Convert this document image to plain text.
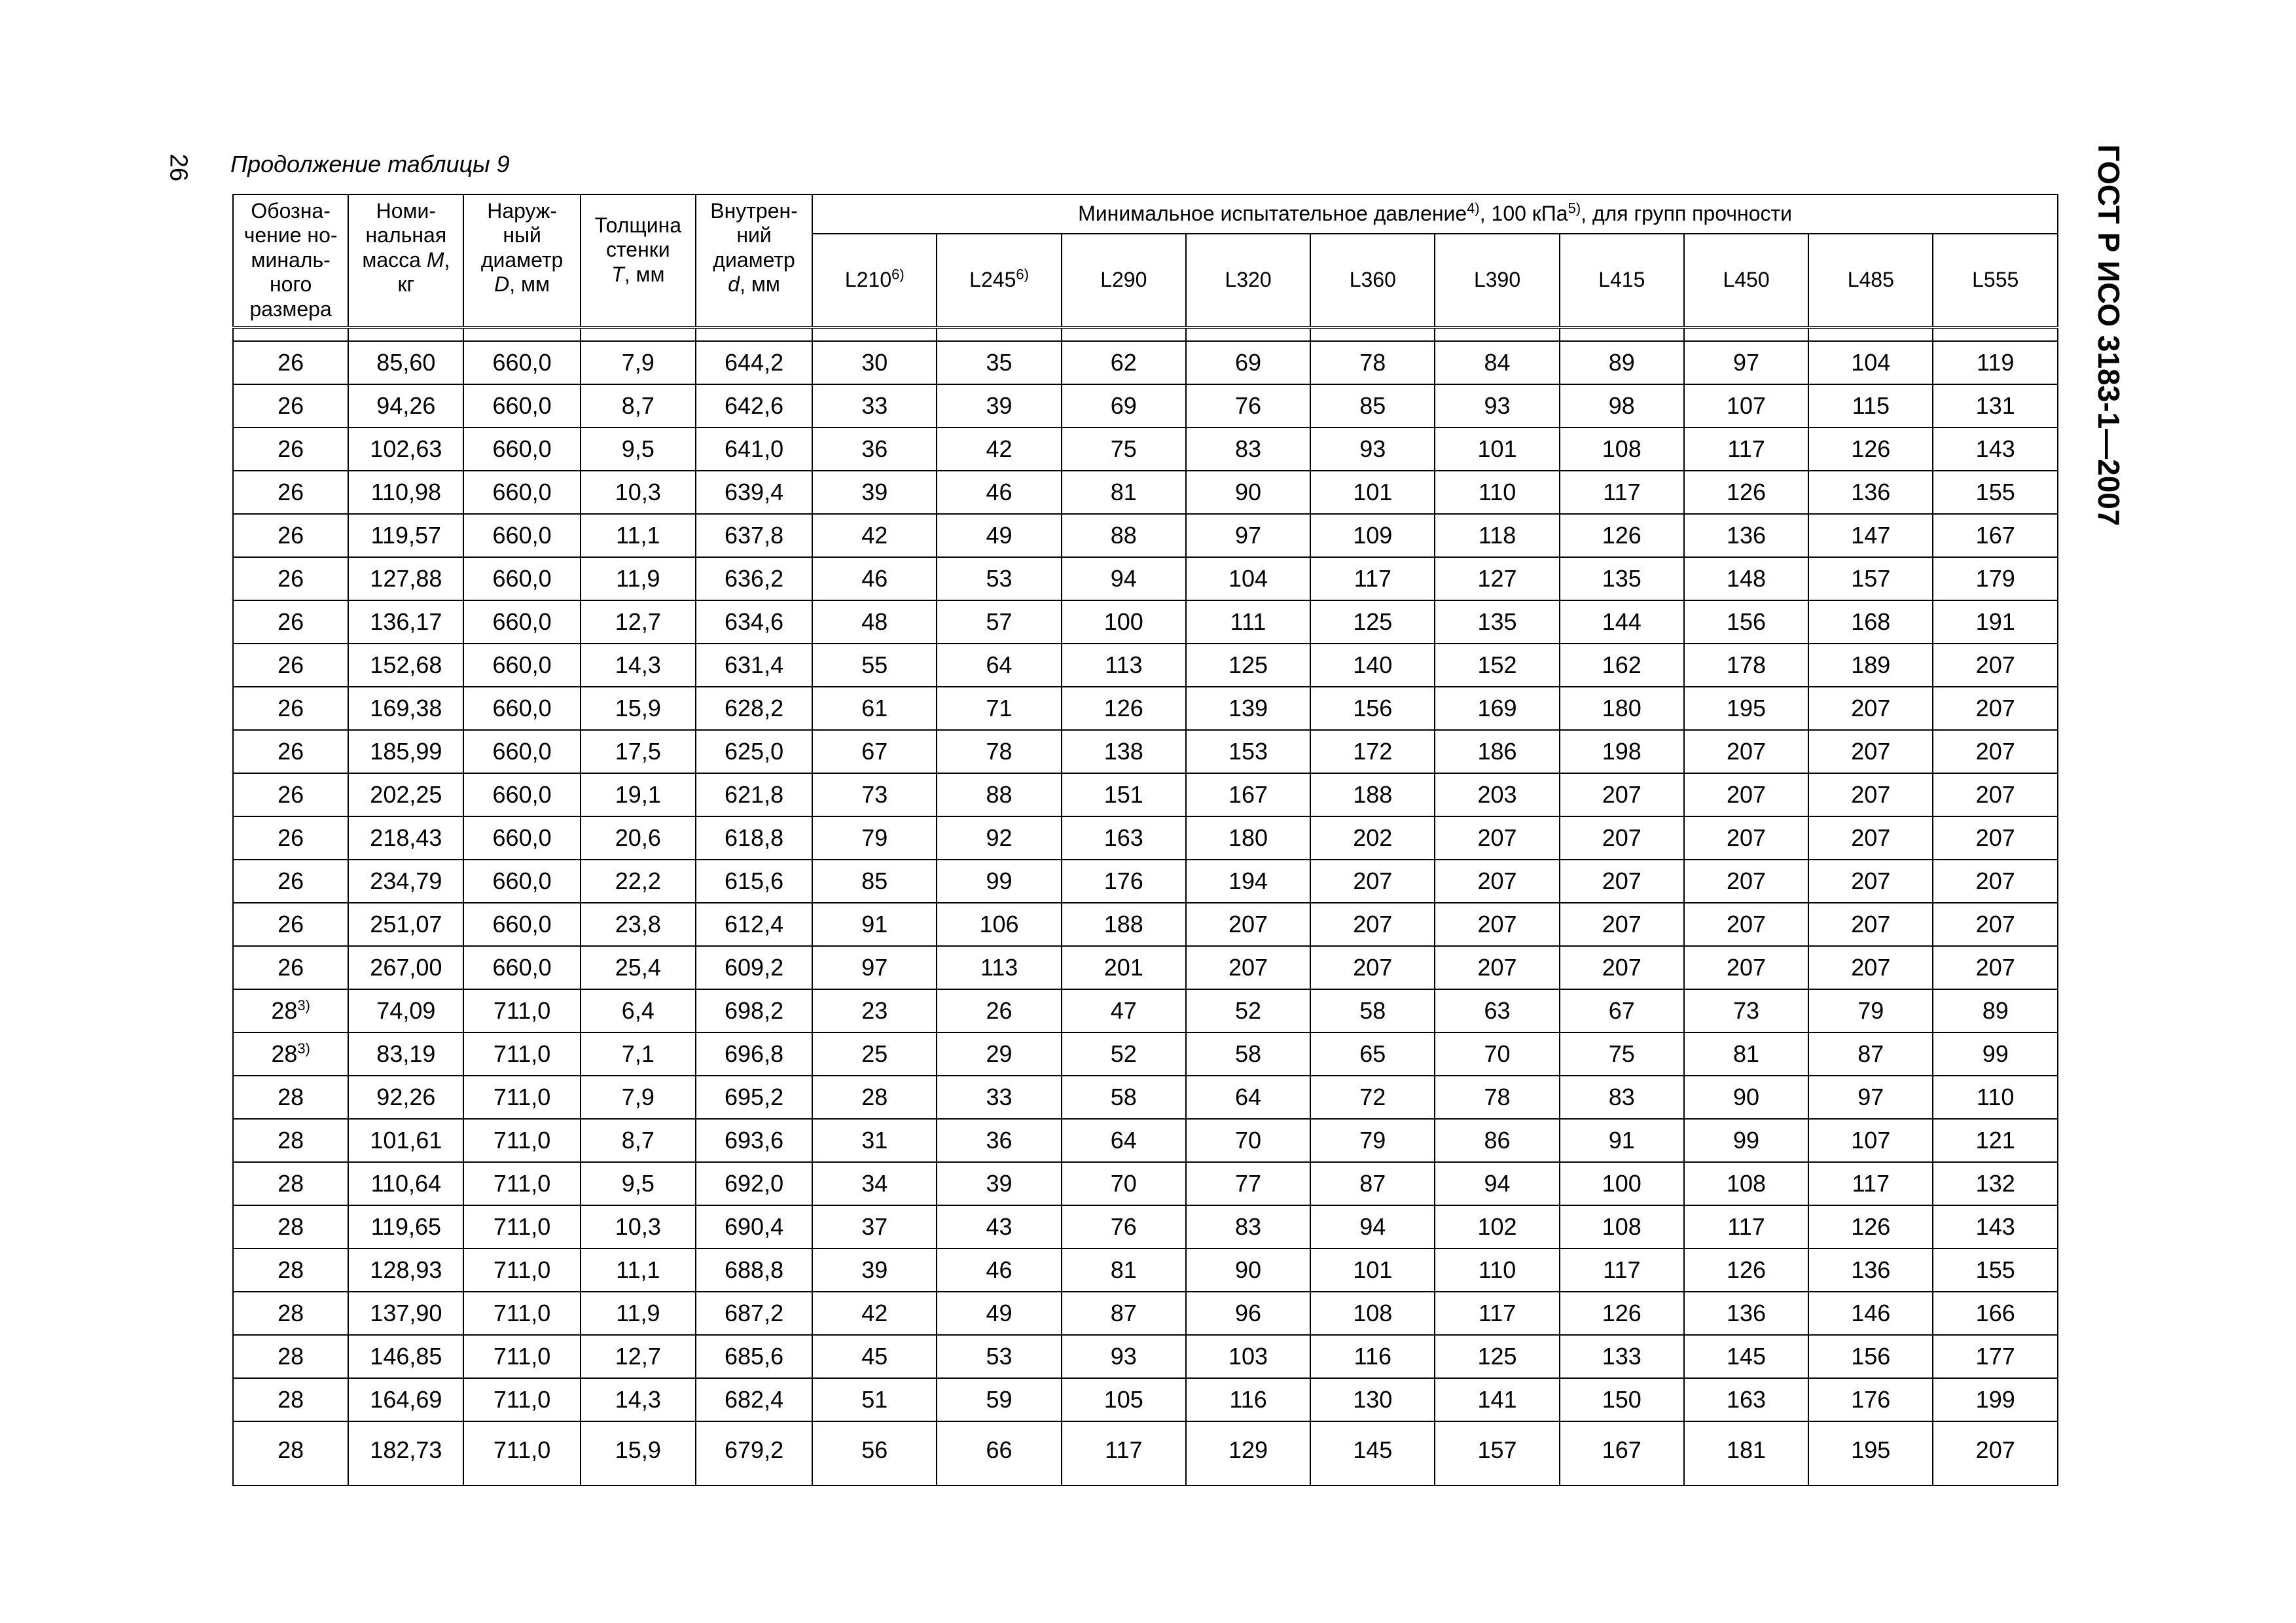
26 Продолжение таблицы 9	ГОСТ Р ИСО 3183-1—2007
Обозна-
чение но-
миналь-
ного
размера	Номи-
нальная
масса M,
кг	Наруж-
ный
диаметр
D, мм	Толщина
стенки
T, мм	Внутрен-
ний
диаметр
d, мм	Минимальное испытательное давление$^{4)}$, 100 кПа$^{5)}$, для групп прочности									
					L210$^{6)}$	L245$^{6)}$	L290	L320	L360	L390	L415	L450	L485	L555

26	85,60	660,0	7,9	644,2	30	35	62	69	78	84	89	97	104	119
26	94,26	660,0	8,7	642,6	33	39	69	76	85	93	98	107	115	131
26	102,63	660,0	9,5	641,0	36	42	75	83	93	101	108	117	126	143
26	110,98	660,0	10,3	639,4	39	46	81	90	101	110	117	126	136	155
26	119,57	660,0	11,1	637,8	42	49	88	97	109	118	126	136	147	167
26	127,88	660,0	11,9	636,2	46	53	94	104	117	127	135	148	157	179
26	136,17	660,0	12,7	634,6	48	57	100	111	125	135	144	156	168	191
26	152,68	660,0	14,3	631,4	55	64	113	125	140	152	162	178	189	207
26	169,38	660,0	15,9	628,2	61	71	126	139	156	169	180	195	207	207
26	185,99	660,0	17,5	625,0	67	78	138	153	172	186	198	207	207	207
26	202,25	660,0	19,1	621,8	73	88	151	167	188	203	207	207	207	207
26	218,43	660,0	20,6	618,8	79	92	163	180	202	207	207	207	207	207
26	234,79	660,0	22,2	615,6	85	99	176	194	207	207	207	207	207	207
26	251,07	660,0	23,8	612,4	91	106	188	207	207	207	207	207	207	207
26	267,00	660,0	25,4	609,2	97	113	201	207	207	207	207	207	207	207
28$^{3)}$	74,09	711,0	6,4	698,2	23	26	47	52	58	63	67	73	79	89
28$^{3)}$	83,19	711,0	7,1	696,8	25	29	52	58	65	70	75	81	87	99
28	92,26	711,0	7,9	695,2	28	33	58	64	72	78	83	90	97	110
28	101,61	711,0	8,7	693,6	31	36	64	70	79	86	91	99	107	121
28	110,64	711,0	9,5	692,0	34	39	70	77	87	94	100	108	117	132
28	119,65	711,0	10,3	690,4	37	43	76	83	94	102	108	117	126	143
28	128,93	711,0	11,1	688,8	39	46	81	90	101	110	117	126	136	155
28	137,90	711,0	11,9	687,2	42	49	87	96	108	117	126	136	146	166
28	146,85	711,0	12,7	685,6	45	53	93	103	116	125	133	145	156	177
28	164,69	711,0	14,3	682,4	51	59	105	116	130	141	150	163	176	199
28	182,73	711,0	15,9	679,2	56	66	117	129	145	157	167	181	195	207
